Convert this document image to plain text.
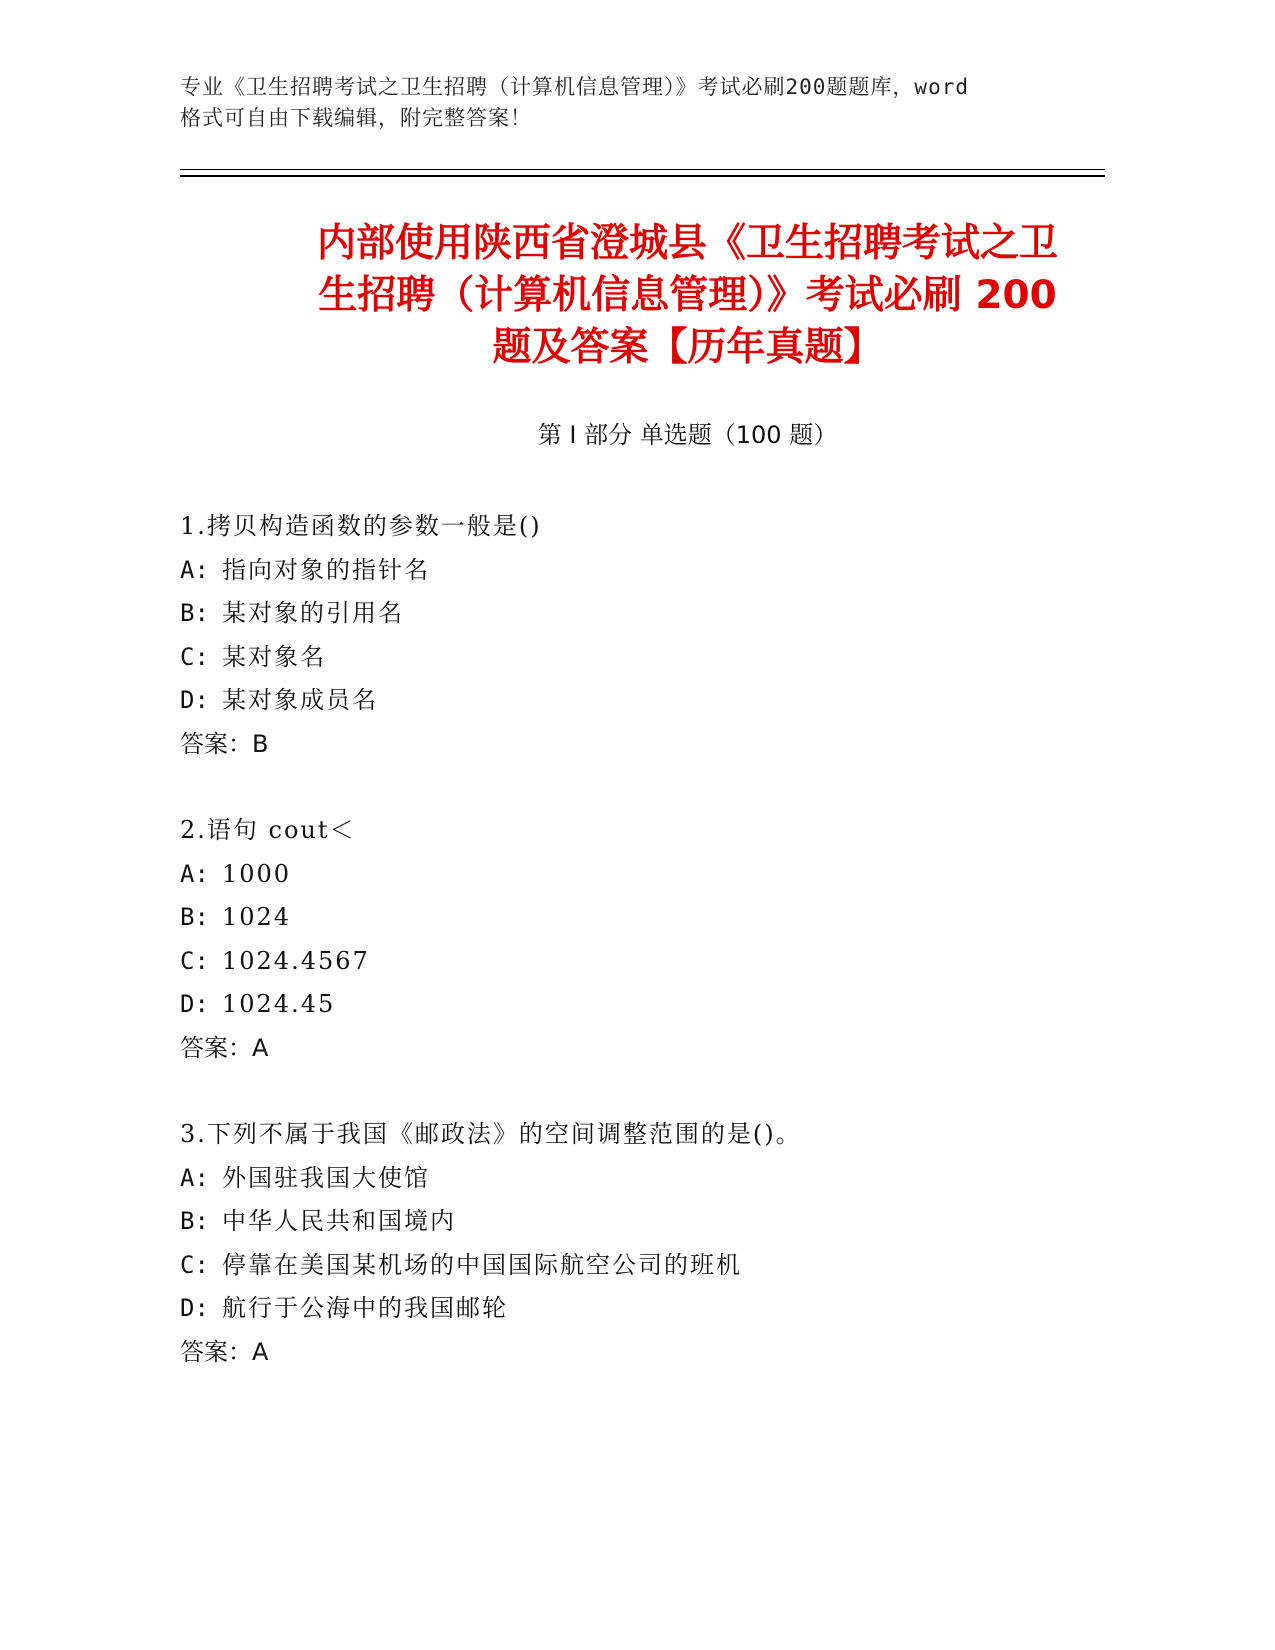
专业《卫生招聘考试之卫生招聘（计算机信息管理）》考试必刷200题题库，word
格式可自由下载编辑，附完整答案！
内部使用陕西省澄城县《卫生招聘考试之卫
生招聘（计算机信息管理）》考试必刷 200
题及答案【历年真题】
第 I 部分 单选题（100 题）
1.拷贝构造函数的参数一般是()
A: 指向对象的指针名
B: 某对象的引用名
C: 某对象名
D: 某对象成员名
答案：B
2.语句 cout＜
A: 1000
B: 1024
C: 1024.4567
D: 1024.45
答案：A
3.下列不属于我国《邮政法》的空间调整范围的是()。
A: 外国驻我国大使馆
B: 中华人民共和国境内
C: 停靠在美国某机场的中国国际航空公司的班机
D: 航行于公海中的我国邮轮
答案：A
